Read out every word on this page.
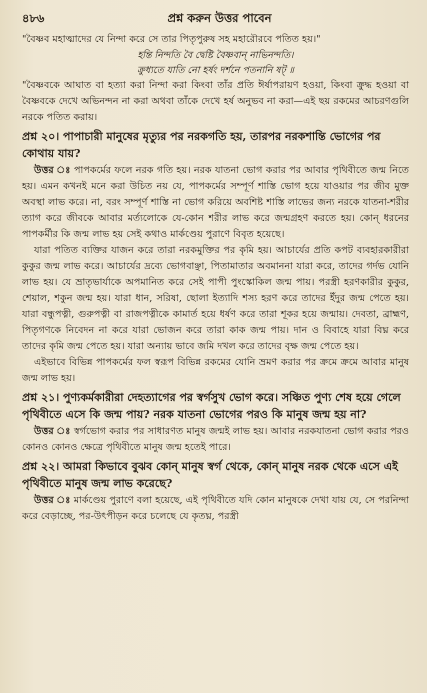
৪৮৬	প্রশ্ন করুন উত্তর পাবেন

"বৈষ্ণব মহাত্মাদের যে নিন্দা করে সে তার পিতৃপুরুষ সহ মহারৌরবে পতিত হয়।"

হন্তি নিন্দতি বৈ দ্বেষ্টি বৈষ্ণবান্ নাভিনন্দতি।

ক্রুধ্যতে যাতি নো হর্ষং দর্শনে পতনানি ষট্ ॥

"বৈষ্ণবকে আঘাত বা হত্যা করা নিন্দা করা কিংবা তাঁর প্রতি ঈর্ষাপরায়ণ হওয়া, কিংবা ক্রুদ্ধ হওয়া বা বৈষ্ণবকে দেখে অভিনন্দন না করা অথবা তাঁকে দেখে হর্ষ অনুভব না করা—এই ছয় রকমের আচরণগুলি নরকে পতিত করায়।

প্রশ্ন ২০। পাপাচারী মানুষের মৃত্যুর পর নরকগতি হয়, তারপর নরকশান্তি ভোগের পর কোথায় যায়?

উত্তর ঃ পাপকর্মের ফলে নরক গতি হয়। নরক যাতনা ভোগ করার পর আবার পৃথিবীতে জন্ম নিতে হয়। এমন কখনই মনে করা উচিত নয় যে, পাপকর্মের সম্পূর্ণ শাস্তি ভোগ হয়ে যাওয়ার পর জীব মুক্ত অবস্থা লাভ করে। না, বরং সম্পূর্ণ শাস্তি না ভোগ করিয়ে অবশিষ্ট শাস্তি লাভের জন্য নরকে যাতনা-শরীর ত্যাগ করে জীবকে আবার মর্ত্যলোকে যে-কোন শরীর লাভ করে জন্মগ্রহণ করতে হয়। কোন্ ধরনের পাপকর্মীর কি জন্ম লাভ হয় সেই কথাও মার্কণ্ডেয় পুরাণে বিবৃত হয়েছে।

যারা পতিত ব্যক্তির যাজন করে তারা নরকমুক্তির পর কৃমি হয়। আচার্যের প্রতি কপট ব্যবহারকারীরা কুকুর জন্ম লাভ করে। আচার্যের দ্রব্যে ভোগবাঞ্ছা, পিতামাতার অবমাননা যারা করে, তাদের গর্দভ যোনি লাভ হয়। যে ভ্রাতৃভার্যাকে অপমানিত করে সেই পাপী পুংস্কোকিল জন্ম পায়। পরস্ত্রী হরণকারীর কুকুর, শেয়াল, শকুন জন্ম হয়। যারা ধান, সরিষা, ছোলা ইত্যাদি শস্য হরণ করে তাদের ইঁদুর জন্ম পেতে হয়। যারা বন্ধুপত্নী, গুরুপত্নী বা রাজপত্নীকে কামার্ত হয়ে ধর্ষণ করে তারা শূকর হয়ে জন্মায়। দেবতা, ব্রাহ্মণ, পিতৃগণকে নিবেদন না করে যারা ভোজন করে তারা কাক জন্ম পায়। দান ও বিবাহে যারা বিঘ্ন করে তাদের কৃমি জন্ম পেতে হয়। যারা অন্যায় ভাবে জমি দখল করে তাদের বৃক্ষ জন্ম পেতে হয়।

এইভাবে বিভিন্ন পাপকর্মের ফল স্বরূপ বিভিন্ন রকমের যোনি ভ্রমণ করার পর ক্রমে ক্রমে আবার মানুষ জন্ম লাভ হয়।

প্রশ্ন ২১। পুণ্যকর্মকারীরা দেহত্যাগের পর স্বর্গসুখ ভোগ করে। সঞ্চিত পুণ্য শেষ হয়ে গেলে পৃথিবীতে এসে কি জন্ম পায়? নরক যাতনা ভোগের পরও কি মানুষ জন্ম হয় না?

উত্তর ঃ স্বর্গভোগ করার পর সাধারণত মানুষ জন্মই লাভ হয়। আবার নরকযাতনা ভোগ করার পরও কোনও কোনও ক্ষেত্রে পৃথিবীতে মানুষ জন্ম হতেই পারে।

প্রশ্ন ২২। আমরা কিভাবে বুঝব কোন্ মানুষ স্বর্গ থেকে, কোন্ মানুষ নরক থেকে এসে এই পৃথিবীতে মানুষ জন্ম লাভ করেছে?

উত্তর ঃ মার্কণ্ডেয় পুরাণে বলা হয়েছে, এই পৃথিবীতে যদি কোন মানুষকে দেখা যায় যে, সে পরনিন্দা করে বেড়াচ্ছে, পর-উৎপীড়ন করে চলেছে যে কৃতঘ্ন, পরস্ত্রী
